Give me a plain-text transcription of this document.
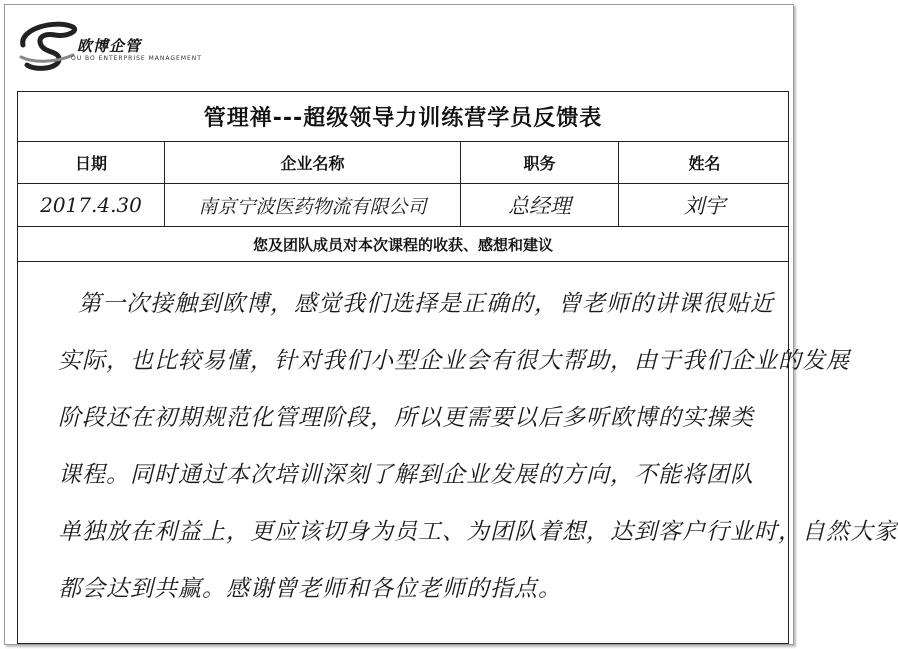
欧博企管
OU BO ENTERPRISE MANAGEMENT
管理禅---超级领导力训练营学员反馈表
日期	企业名称	职务	姓名
2017.4.30	南京宁波医药物流有限公司	总经理	刘宇
您及团队成员对本次课程的收获、感想和建议
第一次接触到欧博，感觉我们选择是正确的，曾老师的讲课很贴近
实际，也比较易懂，针对我们小型企业会有很大帮助，由于我们企业的发展
阶段还在初期规范化管理阶段，所以更需要以后多听欧博的实操类
课程。同时通过本次培训深刻了解到企业发展的方向，不能将团队
单独放在利益上，更应该切身为员工、为团队着想，达到客户行业时，自然大家
都会达到共赢。感谢曾老师和各位老师的指点。
